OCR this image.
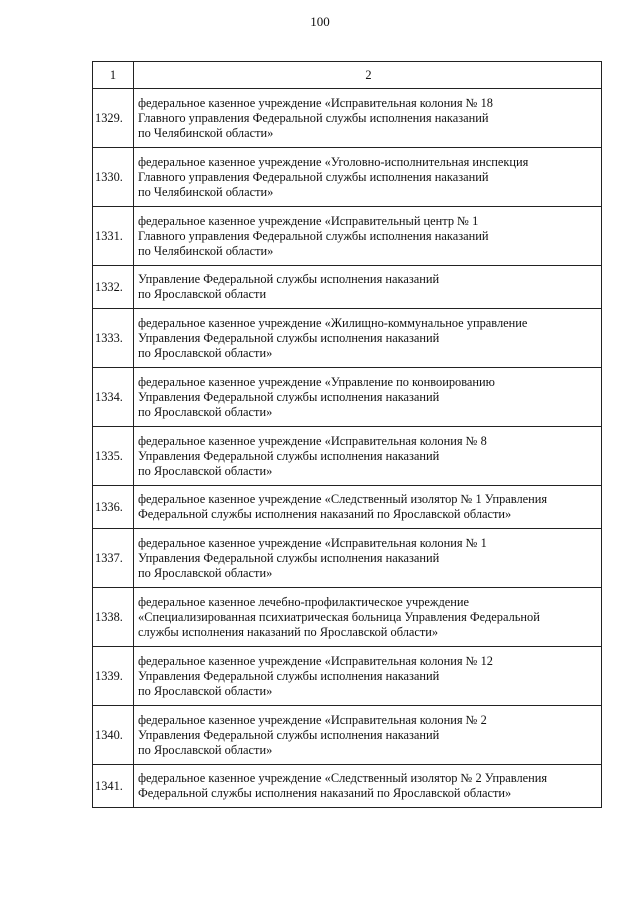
100
1	2
1329.	федеральное казенное учреждение «Исправительная колония № 18
Главного управления Федеральной службы исполнения наказаний
по Челябинской области»

1330.	федеральное казенное учреждение «Уголовно-исполнительная инспекция
Главного управления Федеральной службы исполнения наказаний
по Челябинской области»

1331.	федеральное казенное учреждение «Исправительный центр № 1
Главного управления Федеральной службы исполнения наказаний
по Челябинской области»

1332.	Управление Федеральной службы исполнения наказаний
по Ярославской области

1333.	федеральное казенное учреждение «Жилищно-коммунальное управление
Управления Федеральной службы исполнения наказаний
по Ярославской области»

1334.	федеральное казенное учреждение «Управление по конвоированию
Управления Федеральной службы исполнения наказаний
по Ярославской области»

1335.	федеральное казенное учреждение «Исправительная колония № 8
Управления Федеральной службы исполнения наказаний
по Ярославской области»

1336.	федеральное казенное учреждение «Следственный изолятор № 1 Управления
Федеральной службы исполнения наказаний по Ярославской области»

1337.	федеральное казенное учреждение «Исправительная колония № 1
Управления Федеральной службы исполнения наказаний
по Ярославской области»

1338.	федеральное казенное лечебно-профилактическое учреждение
«Специализированная психиатрическая больница Управления Федеральной
службы исполнения наказаний по Ярославской области»

1339.	федеральное казенное учреждение «Исправительная колония № 12
Управления Федеральной службы исполнения наказаний
по Ярославской области»

1340.	федеральное казенное учреждение «Исправительная колония № 2
Управления Федеральной службы исполнения наказаний
по Ярославской области»

1341.	федеральное казенное учреждение «Следственный изолятор № 2 Управления
Федеральной службы исполнения наказаний по Ярославской области»
